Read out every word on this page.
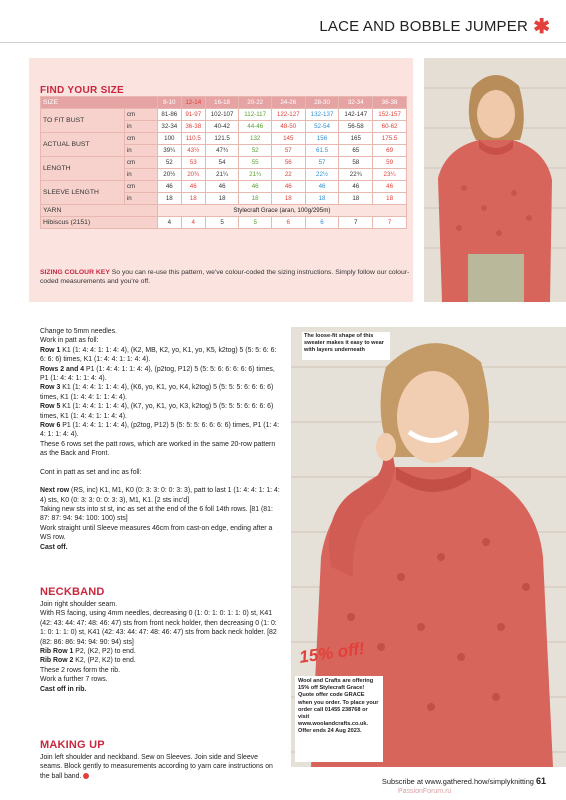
LACE AND BOBBLE JUMPER ✱
FIND YOUR SIZE
SIZE		8-10	12-14	16-18	20-22	24-26	28-30	32-34	36-38
TO FIT BUST	cm	81-86	91-97	102-107	112-117	122-127	132-137	142-147	152-157
	in	32-34	36-38	40-42	44-46	48-50	52-54	56-58	60-62
ACTUAL BUST	cm	100	110.5	121.5	132	145	156	165	175.5
	in	39¼	43½	47¾	52	57	61.5	65	69
LENGTH	cm	52	53	54	55	56	57	58	59
	in	20½	20¾	21¼	21¾	22	22½	22¾	23¼
SLEEVE LENGTH	cm	46	46	46	46	46	46	46	46
	in	18	18	18	18	18	18	18	18
YARN		Stylecraft Grace (aran, 100g/295m)							
Hibiscus (2151)		4	4	5	5	6	6	7	7
SIZING COLOUR KEY So you can re-use this pattern, we've colour-coded the sizing instructions. Simply follow our colour-coded measurements and you're off.
The loose-fit shape of this sweater makes it easy to wear with layers underneath
15% off!
Wool and Crafts are offering 15% off Stylecraft Grace! Quote offer code GRACE when you order. To place your order call 01455 238768 or visit www.woolandcrafts.co.uk. Offer ends 24 Aug 2023.

Change to 5mm needles.

Work in patt as foll:

Row 1 K1 (1: 4: 4: 1: 1: 4: 4), (K2, MB, K2, yo, K1, yo, K5, k2tog) 5 (5: 5: 6: 6: 6: 6: 6) times, K1 (1: 4: 4: 1: 1: 4: 4).

Rows 2 and 4 P1 (1: 4: 4: 1: 1: 4: 4), (p2tog, P12) 5 (5: 5: 6: 6: 6: 6: 6) times, P1 (1: 4: 4: 1: 1: 4: 4).

Row 3 K1 (1: 4: 4: 1: 1: 4: 4), (K6, yo, K1, yo, K4, k2tog) 5 (5: 5: 5: 6: 6: 6: 6) times, K1 (1: 4: 4: 1: 1: 4: 4).

Row 5 K1 (1: 4: 4: 1: 1: 4: 4), (K7, yo, K1, yo, K3, k2tog) 5 (5: 5: 5: 6: 6: 6: 6) times, K1 (1: 4: 4: 1: 1: 4: 4).

Row 6 P1 (1: 4: 4: 1: 1: 4: 4), (p2tog, P12) 5 (5: 5: 5: 6: 6: 6: 6) times, P1 (1: 4: 4: 1: 1: 4: 4).

These 6 rows set the patt rows, which are worked in the same 20-row pattern as the Back and Front.

Cont in patt as set and inc as foll:

Next row (RS, inc) K1, M1, K0 (0: 3: 3: 0: 0: 3: 3), patt to last 1 (1: 4: 4: 1: 1: 4: 4) sts, K0 (0: 3: 3: 0: 0: 3: 3), M1, K1. [2 sts inc'd]

Taking new sts into st st, inc as set at the end of the 6 foll 14th rows. [81 (81: 87: 87: 94: 94: 100: 100) sts]

Work straight until Sleeve measures 46cm from cast-on edge, ending after a WS row.

Cast off.

NECKBAND

Join right shoulder seam.

With RS facing, using 4mm needles, decreasing 0 (1: 0: 1: 0: 1: 1: 0) st, K41 (42: 43: 44: 47: 48: 46: 47) sts from front neck holder, then decreasing 0 (1: 0: 1: 0: 1: 1: 0) st, K41 (42: 43: 44: 47: 48: 46: 47) sts from back neck holder. [82 (82: 86: 86: 94: 94: 90: 94) sts]

Rib Row 1 P2, (K2, P2) to end.

Rib Row 2 K2, (P2, K2) to end.

These 2 rows form the rib.

Work a further 7 rows.

Cast off in rib.

MAKING UP
Join left shoulder and neckband. Sew on Sleeves. Join side and Sleeve seams. Block gently to measurements according to yarn care instructions on the ball band.
Subscribe at www.gathered.how/simplyknitting 61
PassionForum.ru
